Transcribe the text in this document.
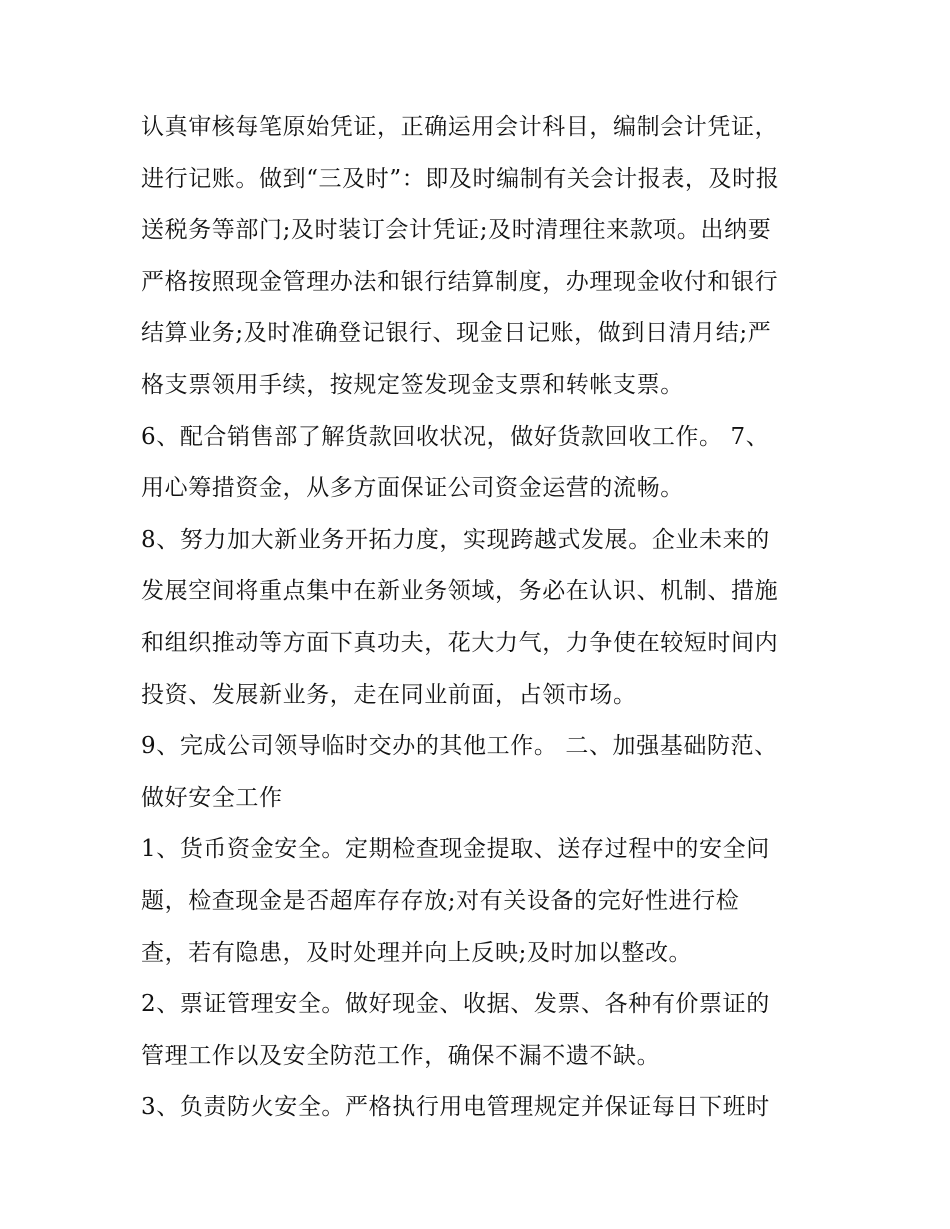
认真审核每笔原始凭证，正确运用会计科目，编制会计凭证，
进行记账。做到“三及时”：即及时编制有关会计报表，及时报
送税务等部门;及时装订会计凭证;及时清理往来款项。出纳要
严格按照现金管理办法和银行结算制度，办理现金收付和银行
结算业务;及时准确登记银行、现金日记账，做到日清月结;严
格支票领用手续，按规定签发现金支票和转帐支票。
6、配合销售部了解货款回收状况，做好货款回收工作。 7、
用心筹措资金，从多方面保证公司资金运营的流畅。
8、努力加大新业务开拓力度，实现跨越式发展。企业未来的
发展空间将重点集中在新业务领域，务必在认识、机制、措施
和组织推动等方面下真功夫，花大力气，力争使在较短时间内
投资、发展新业务，走在同业前面，占领市场。
9、完成公司领导临时交办的其他工作。 二、加强基础防范、
做好安全工作
1、货币资金安全。定期检查现金提取、送存过程中的安全问
题，检查现金是否超库存存放;对有关设备的完好性进行检
查，若有隐患，及时处理并向上反映;及时加以整改。
2、票证管理安全。做好现金、收据、发票、各种有价票证的
管理工作以及安全防范工作，确保不漏不遗不缺。
3、负责防火安全。严格执行用电管理规定并保证每日下班时
